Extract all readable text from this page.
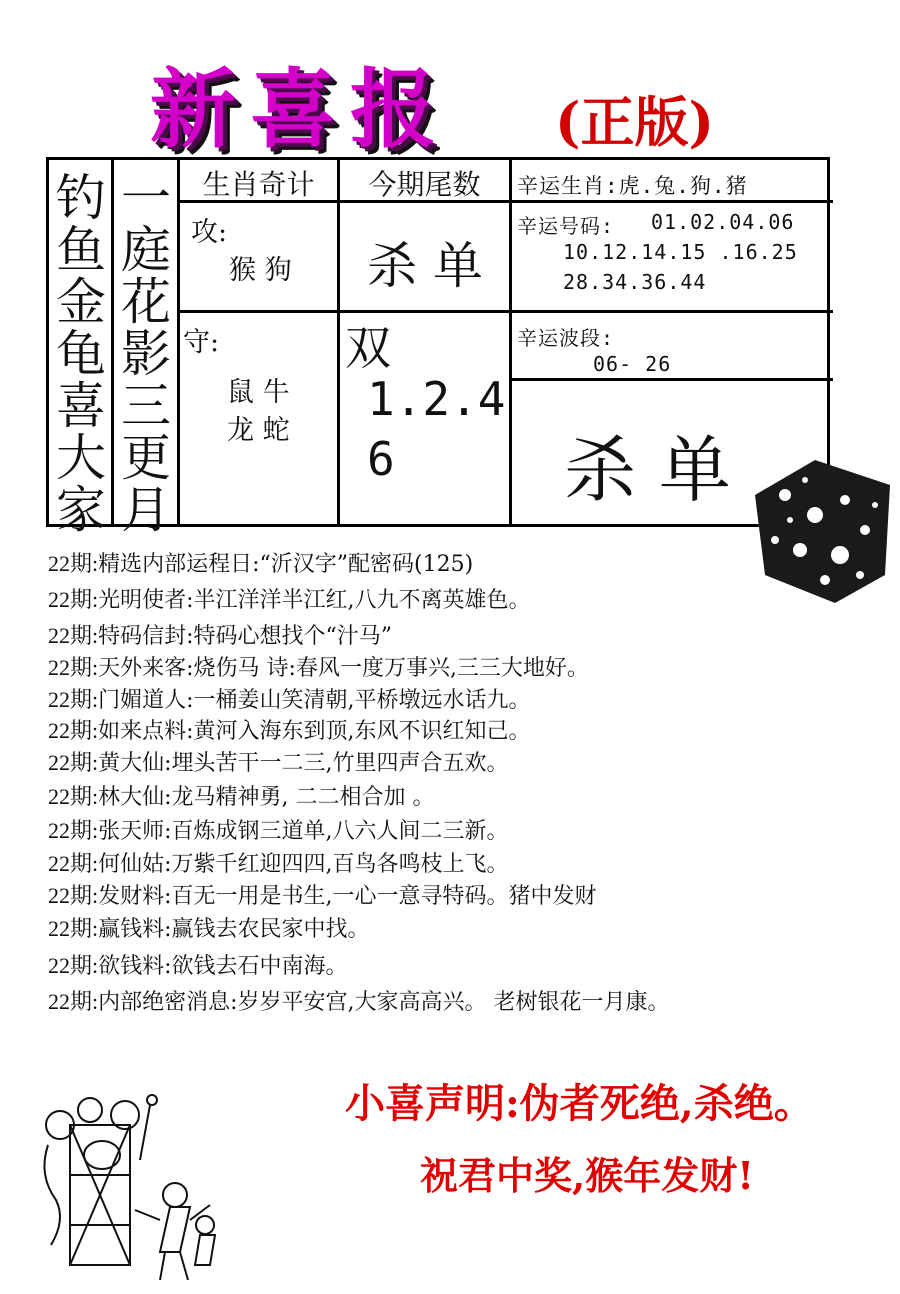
新喜报 (正版)
钓鱼金龟喜大家
一庭花影三更月
生肖奇计	今期尾数
攻:
猴 狗
守:
鼠 牛
龙 蛇
杀 单
双
1.2.4
6
辛运生肖:虎.兔.狗.猪
辛运号码: 01.02.04.06
10.12.14.15 .16.25
28.34.36.44
辛运波段:
06- 26
杀 单
22期:精选内部运程日:“沂汉字”配密码(125)
22期:光明使者:半江洋洋半江红,八九不离英雄色。
22期:特码信封:特码心想找个“汁马”
22期:天外来客:烧伤马 诗:春风一度万事兴,三三大地好。
22期:门媚道人:一桶姜山笑清朝,平桥墩远水话九。
22期:如来点料:黄河入海东到顶,东风不识红知己。
22期:黄大仙:埋头苦干一二三,竹里四声合五欢。
22期:林大仙:龙马精神勇, 二二相合加 。
22期:张天师:百炼成钢三道单,八六人间二三新。
22期:何仙姑:万紫千红迎四四,百鸟各鸣枝上飞。
22期:发财料:百无一用是书生,一心一意寻特码。猪中发财
22期:赢钱料:赢钱去农民家中找。
22期:欲钱料:欲钱去石中南海。
22期:内部绝密消息:岁岁平安宫,大家高高兴。 老树银花一月康。
小喜声明:伪者死绝,杀绝。
祝君中奖,猴年发财!
